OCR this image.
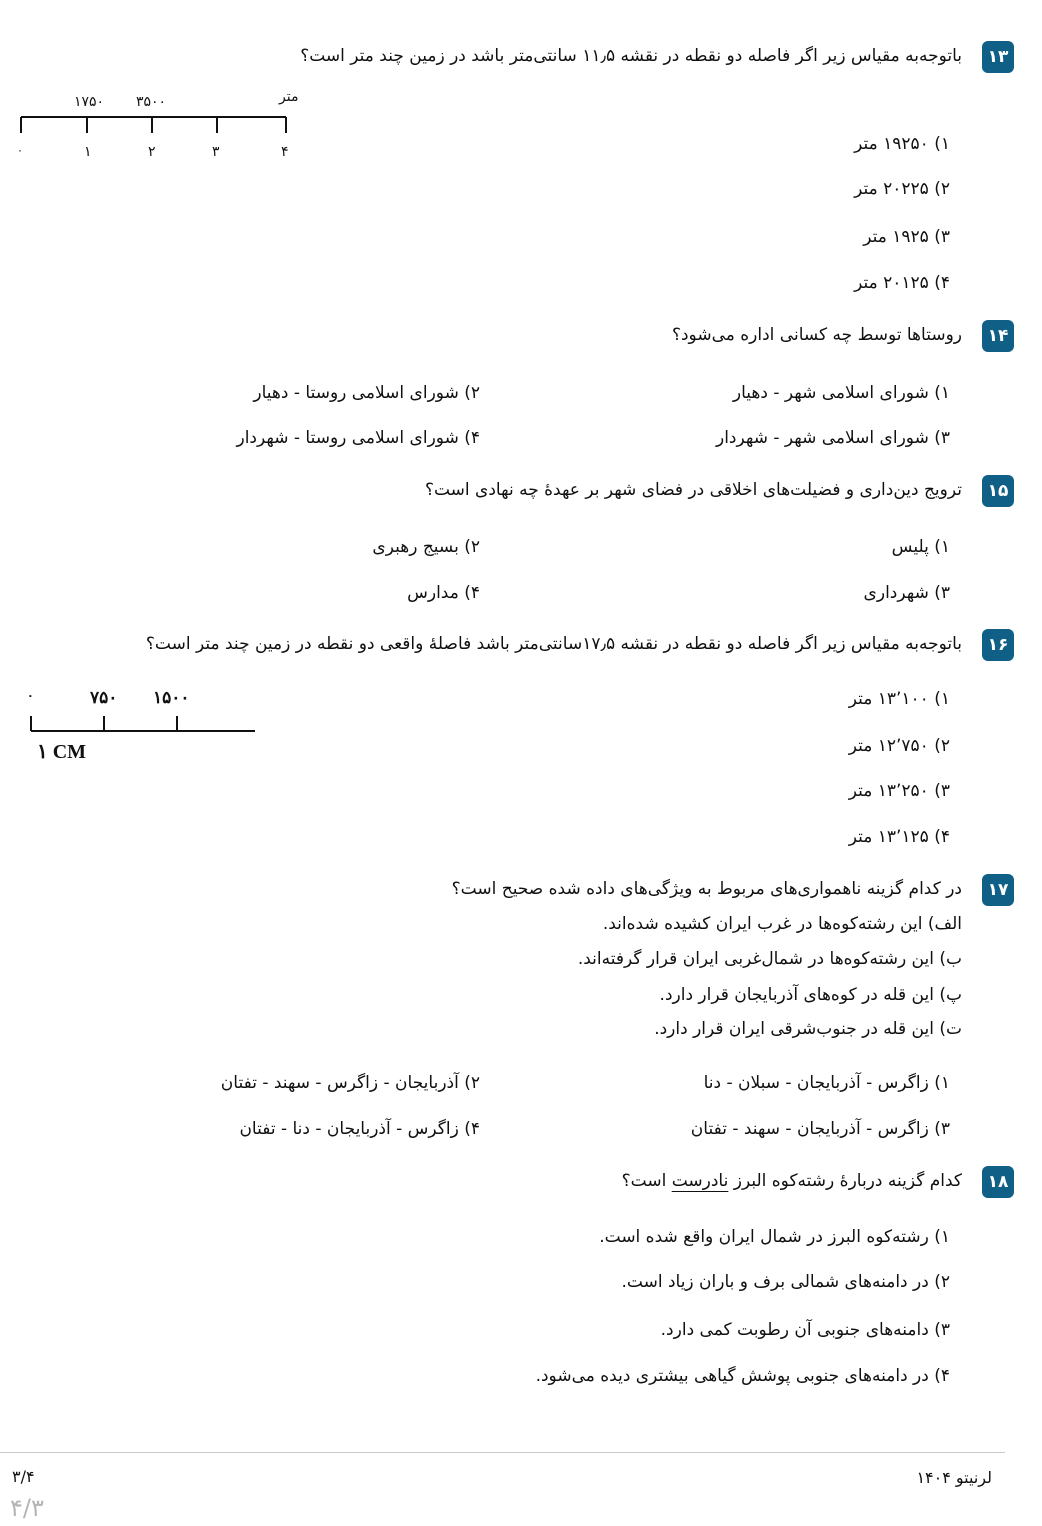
۱۳
باتوجه‌به مقیاس زیر اگر فاصله دو نقطه در نقشه ۱۱٫۵ سانتی‌متر باشد در زمین چند متر است؟
متر
۱۷۵۰ ۳۵۰۰
۰	۱	۲	۳	۴	۱) ۱۹۲۵۰ متر
۲) ۲۰۲۲۵ متر
۳) ۱۹۲۵ متر
۴) ۲۰۱۲۵ متر
۱۴
روستاها توسط چه کسانی اداره می‌شود؟
۱) شورای اسلامی شهر - دهیار
۲) شورای اسلامی روستا - دهیار
۳) شورای اسلامی شهر - شهردار
۴) شورای اسلامی روستا - شهردار
۱۵
ترویج دین‌داری و فضیلت‌های اخلاقی در فضای شهر بر عهدهٔ چه نهادی است؟
۱) پلیس
۲) بسیج رهبری
۳) شهرداری
۴) مدارس
۱۶
باتوجه‌به مقیاس زیر اگر فاصله دو نقطه در نقشه ۱۷٫۵سانتی‌متر باشد فاصلهٔ واقعی دو نقطه در زمین چند متر است؟
۰	۷۵۰ ۱۵۰۰
۱ CM
۱) ۱۳٬۱۰۰ متر
۲) ۱۲٬۷۵۰ متر
۳) ۱۳٬۲۵۰ متر
۴) ۱۳٬۱۲۵ متر
۱۷
در کدام گزینه ناهمواری‌های مربوط به ویژگی‌های داده شده صحیح است؟
الف) این رشته‌کوه‌ها در غرب ایران کشیده شده‌اند.
ب) این رشته‌کوه‌ها در شمال‌غربی ایران قرار گرفته‌اند.
پ) این قله در کوه‌های آذربایجان قرار دارد.
ت) این قله در جنوب‌شرقی ایران قرار دارد.
۱) زاگرس - آذربایجان - سبلان - دنا
۲) آذربایجان - زاگرس - سهند - تفتان
۳) زاگرس - آذربایجان - سهند - تفتان
۴) زاگرس - آذربایجان - دنا - تفتان
۱۸
کدام گزینه دربارهٔ رشته‌کوه البرز نادرست است؟
۱) رشته‌کوه البرز در شمال ایران واقع شده است.
۲) در دامنه‌های شمالی برف و باران زیاد است.
۳) دامنه‌های جنوبی آن رطوبت کمی دارد.
۴) در دامنه‌های جنوبی پوشش گیاهی بیشتری دیده می‌شود.
لرنیتو ۱۴۰۴
۳/۴
۴/۳
